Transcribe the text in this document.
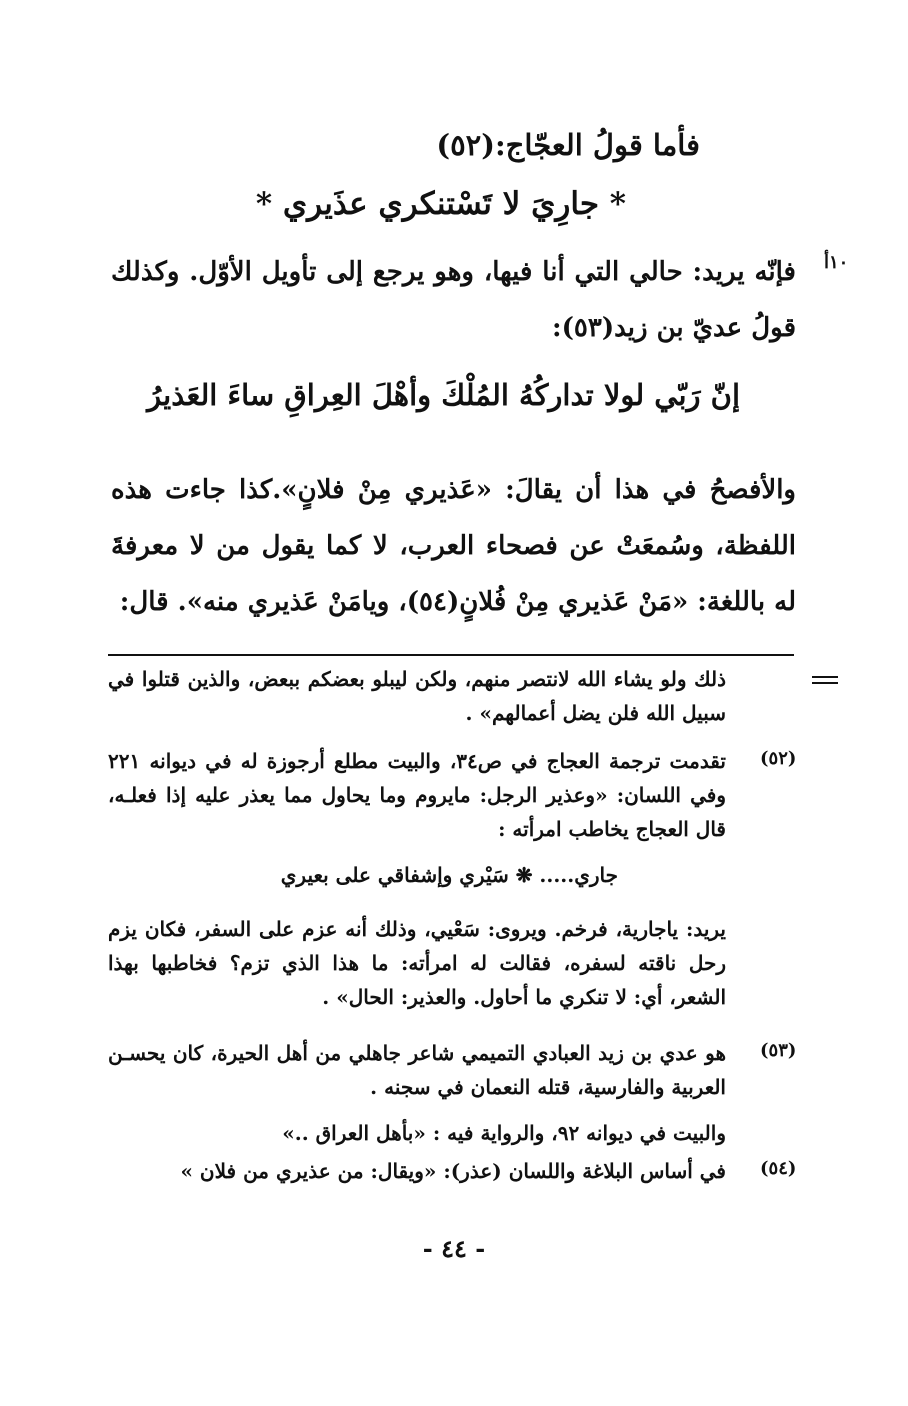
فأما قولُ العجّاج:(٥٢)
* جارِيَ لا تَسْتنكري عذَيري *
١٠أ
فإنّه يريد: حالي التي أنا فيها، وهو يرجع إلى تأويل الأوّل. وكذلك قولُ عديّ بن زيد(٥٣):
إنّ رَبّي لولا تداركُهُ المُلْكَ وأهْلَ العِراقِ ساءَ العَذيرُ
والأفصحُ في هذا أن يقالَ: «عَذيري مِنْ فلانٍ».كذا جاءت هذه اللفظة، وسُمعَتْ عن فصحاء العرب، لا كما يقول من لا معرفةَ له باللغة: «مَنْ عَذيري مِنْ فُلانٍ(٥٤)، ويامَنْ عَذيري منه». قال:
ذلك ولو يشاء الله لانتصر منهم، ولكن ليبلو بعضكم ببعض، والذين قتلوا في سبيل الله فلن يضل أعمالهم» .
(٥٢)
تقدمت ترجمة العجاج في ص٣٤، والبيت مطلع أرجوزة له في ديوانه ٢٢١ وفي اللسان: «وعذير الرجل: مايروم وما يحاول مما يعذر عليه إذا فعلـه، قال العجاج يخاطب امرأته :
جاري..... ❋ سَيْري وإشفاقي على بعيري
يريد: ياجارية، فرخم. ويروى: سَعْيي، وذلك أنه عزم على السفر، فكان يزم رحل ناقته لسفره، فقالت له امرأته: ما هذا الذي تزم؟ فخاطبها بهذا الشعر، أي: لا تنكري ما أحاول. والعذير: الحال» .
(٥٣)
هو عدي بن زيد العبادي التميمي شاعر جاهلي من أهل الحيرة، كان يحسـن العربية والفارسية، قتله النعمان في سجنه .
والبيت في ديوانه ٩٢، والرواية فيه : «بأهل العراق ..»
(٥٤)
في أساس البلاغة واللسان (عذر): «ويقال: من عذيري من فلان »
- ٤٤ -
